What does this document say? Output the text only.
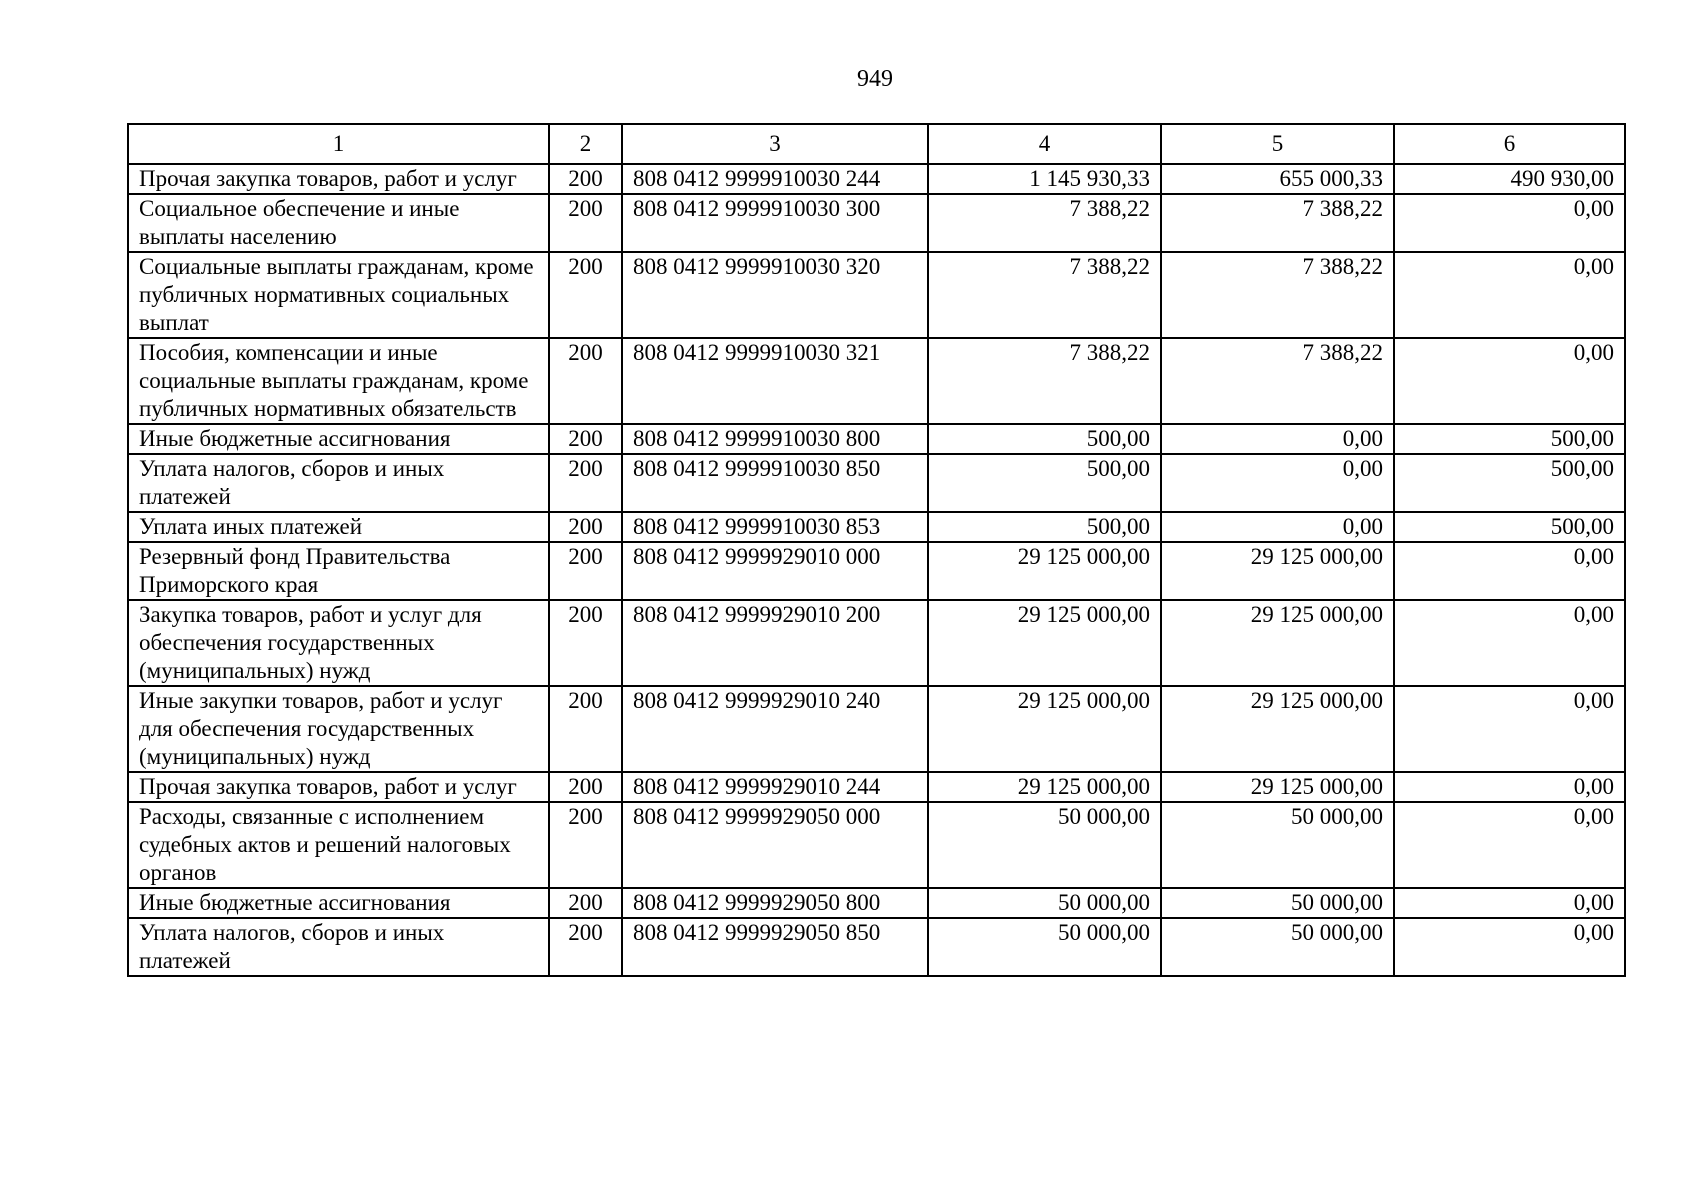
949
1	2	3	4	5	6
Прочая закупка товаров, работ и услуг	200	808 0412 9999910030 244	1 145 930,33	655 000,33	490 930,00
Социальное обеспечение и иные выплаты населению	200	808 0412 9999910030 300	7 388,22	7 388,22	0,00
Социальные выплаты гражданам, кроме публичных нормативных социальных выплат	200	808 0412 9999910030 320	7 388,22	7 388,22	0,00
Пособия, компенсации и иные социальные выплаты гражданам, кроме публичных нормативных обязательств	200	808 0412 9999910030 321	7 388,22	7 388,22	0,00
Иные бюджетные ассигнования	200	808 0412 9999910030 800	500,00	0,00	500,00
Уплата налогов, сборов и иных платежей	200	808 0412 9999910030 850	500,00	0,00	500,00
Уплата иных платежей	200	808 0412 9999910030 853	500,00	0,00	500,00
Резервный фонд Правительства Приморского края	200	808 0412 9999929010 000	29 125 000,00	29 125 000,00	0,00
Закупка товаров, работ и услуг для обеспечения государственных (муниципальных) нужд	200	808 0412 9999929010 200	29 125 000,00	29 125 000,00	0,00
Иные закупки товаров, работ и услуг для обеспечения государственных (муниципальных) нужд	200	808 0412 9999929010 240	29 125 000,00	29 125 000,00	0,00
Прочая закупка товаров, работ и услуг	200	808 0412 9999929010 244	29 125 000,00	29 125 000,00	0,00
Расходы, связанные с исполнением судебных актов и решений налоговых органов	200	808 0412 9999929050 000	50 000,00	50 000,00	0,00
Иные бюджетные ассигнования	200	808 0412 9999929050 800	50 000,00	50 000,00	0,00
Уплата налогов, сборов и иных платежей	200	808 0412 9999929050 850	50 000,00	50 000,00	0,00
